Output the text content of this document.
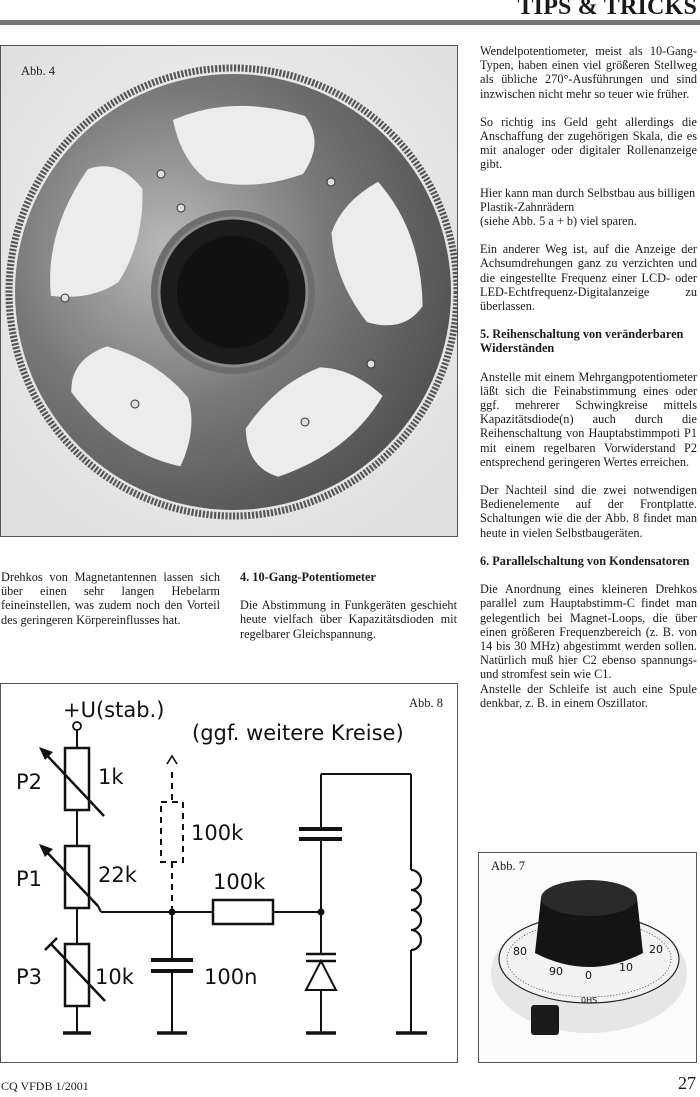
TIPS & TRICKS
Abb. 4

Drehkos von Magnetantennen lassen sich über einen sehr langen Hebelarm feineinstellen, was zudem noch den Vorteil des geringeren Körpereinflusses hat.

4. 10-Gang-Potentiometer

Die Abstimmung in Funkgeräten geschieht heute vielfach über Kapazitätsdioden mit regelbarer Gleichspannung.

+U(stab.)
(ggf. weitere Kreise)
P2	1k
P1	22k
P3	10k
100k
100k
100n
Abb. 8

Wendelpotentiometer, meist als 10-Gang-Typen, haben einen viel größeren Stellweg als übliche 270°-Ausführungen und sind inzwischen nicht mehr so teuer wie früher.

So richtig ins Geld geht allerdings die Anschaffung der zugehörigen Skala, die es mit analoger oder digitaler Rollenanzeige gibt.

Hier kann man durch Selbstbau aus billigen Plastik-Zahnrädern
(siehe Abb. 5 a + b) viel sparen.

Ein anderer Weg ist, auf die Anzeige der Achsumdrehungen ganz zu verzichten und die eingestellte Frequenz einer LCD- oder LED-Echtfrequenz-Digitalanzeige zu überlassen.

5. Reihenschaltung von veränderbaren Widerständen

Anstelle mit einem Mehrgangpotentiometer läßt sich die Feinabstimmung eines oder ggf. mehrerer Schwingkreise mittels Kapazitätsdiode(n) auch durch die Reihenschaltung von Hauptabstimmpoti P1 mit einem regelbaren Vorwiderstand P2 entsprechend geringeren Wertes erreichen.

Der Nachteil sind die zwei notwendigen Bedienelemente auf der Frontplatte. Schaltungen wie die der Abb. 8 findet man heute in vielen Selbstbaugeräten.

6. Parallelschaltung von Kondensatoren

Die Anordnung eines kleineren Drehkos parallel zum Hauptabstimm-C findet man gelegentlich bei Magnet-Loops, die über einen größeren Frequenzbereich (z. B. von 14 bis 30 MHz) abgestimmt werden sollen. Natürlich muß hier C2 ebenso spannungs- und stromfest sein wie C1.

Anstelle der Schleife ist auch eine Spule denkbar, z. B. in einem Oszillator.

80
90 0
10
20
0HS
Abb. 7
CQ VFDB 1/2001	27
